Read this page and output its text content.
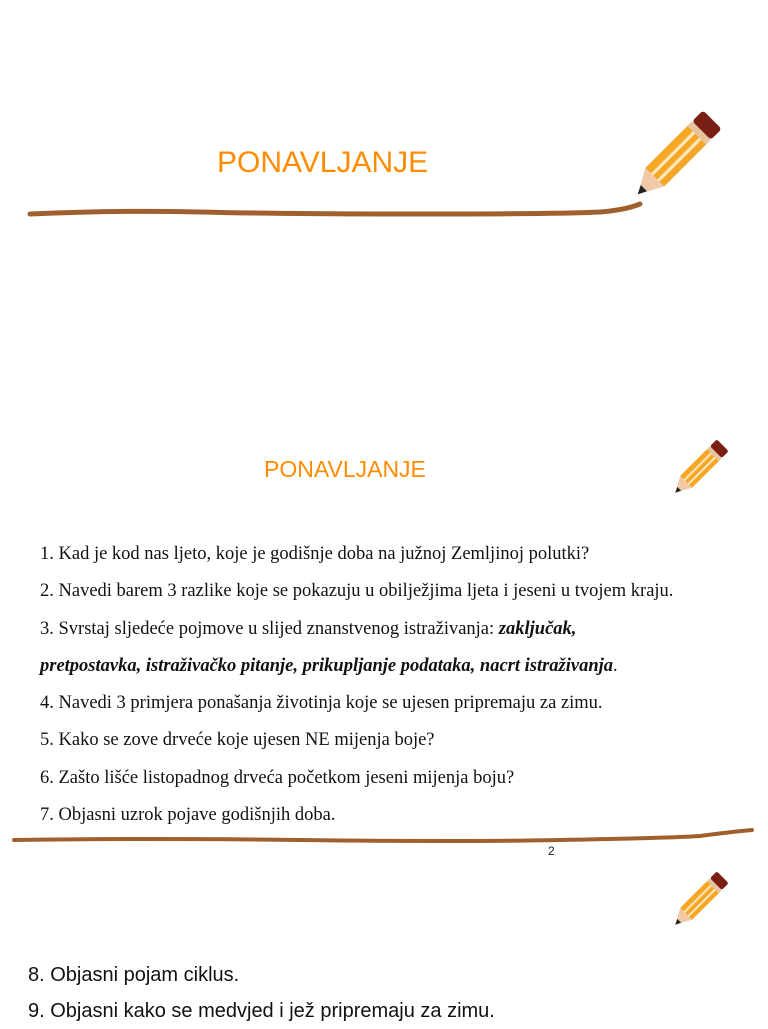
PONAVLJANJE
PONAVLJANJE
1. Kad je kod nas ljeto, koje je godišnje doba na južnoj Zemljinoj polutki?
2. Navedi barem 3 razlike koje se pokazuju u obilježjima ljeta i jeseni u tvojem kraju.
3. Svrstaj sljedeće pojmove u slijed znanstvenog istraživanja: zaključak,
pretpostavka, istraživačko pitanje, prikupljanje podataka, nacrt istraživanja.
4. Navedi 3 primjera ponašanja životinja koje se ujesen pripremaju za zimu.
5. Kako se zove drveće koje ujesen NE mijenja boje?
6. Zašto lišće listopadnog drveća početkom jeseni mijenja boju?
7. Objasni uzrok pojave godišnjih doba.
2
8. Objasni pojam ciklus.
9. Objasni kako se medvjed i jež pripremaju za zimu.
